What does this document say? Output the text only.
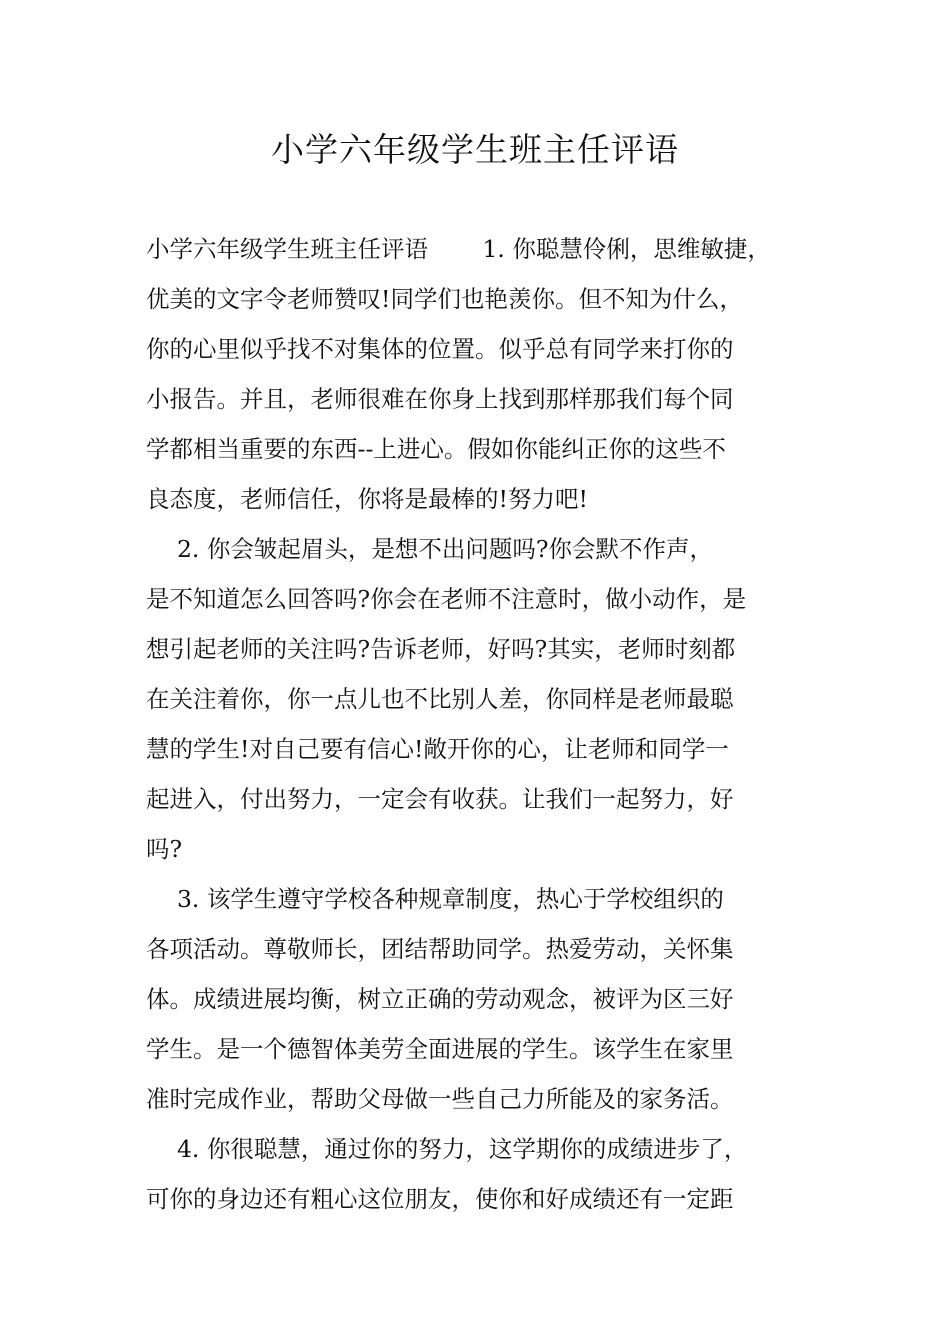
小学六年级学生班主任评语
小学六年级学生班主任评语　　 1. 你聪慧伶俐，思维敏捷，
优美的文字令老师赞叹!同学们也艳羡你。但不知为什么，
你的心里似乎找不对集体的位置。似乎总有同学来打你的
小报告。并且，老师很难在你身上找到那样那我们每个同
学都相当重要的东西--上进心。假如你能纠正你的这些不
良态度，老师信任，你将是最棒的!努力吧!
　 2. 你会皱起眉头，是想不出问题吗?你会默不作声，
是不知道怎么回答吗?你会在老师不注意时，做小动作，是
想引起老师的关注吗?告诉老师，好吗?其实，老师时刻都
在关注着你，你一点儿也不比别人差，你同样是老师最聪
慧的学生!对自己要有信心!敞开你的心，让老师和同学一
起进入，付出努力，一定会有收获。让我们一起努力，好
吗?
　 3. 该学生遵守学校各种规章制度，热心于学校组织的
各项活动。尊敬师长，团结帮助同学。热爱劳动，关怀集
体。成绩进展均衡，树立正确的劳动观念，被评为区三好
学生。是一个德智体美劳全面进展的学生。该学生在家里
准时完成作业，帮助父母做一些自己力所能及的家务活。
　 4. 你很聪慧，通过你的努力，这学期你的成绩进步了，
可你的身边还有粗心这位朋友，使你和好成绩还有一定距
